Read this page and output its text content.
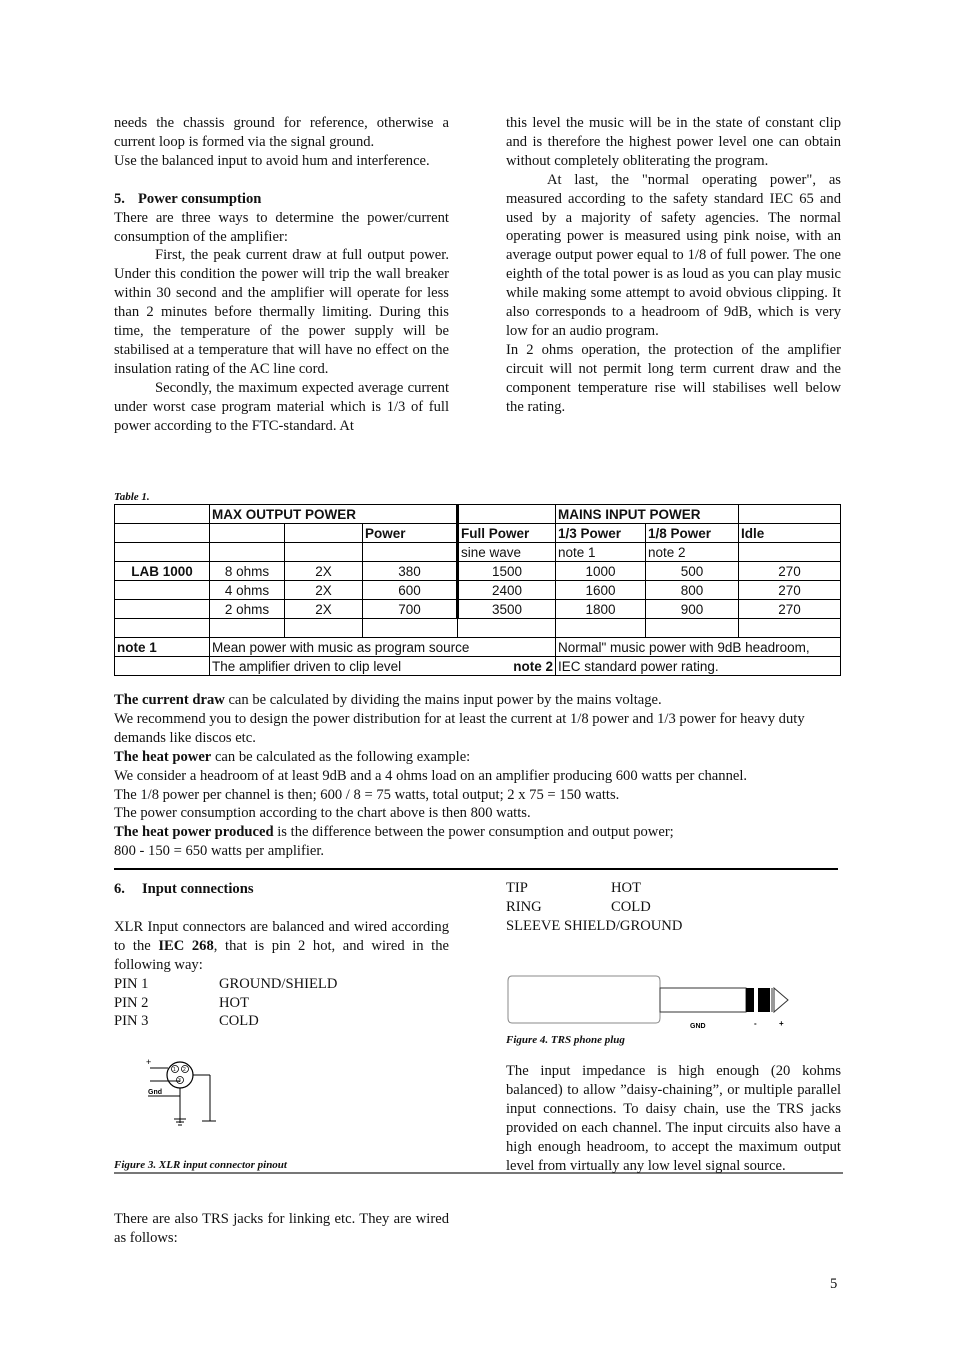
needs the chassis ground for reference, otherwise a current loop is formed via the signal ground.

Use the balanced input to avoid hum and interference.

5. Power consumption

There are three ways to determine the power/current consumption of the amplifier:

First, the peak current draw at full output power. Under this condition the power will trip the wall breaker within 30 second and the amplifier will operate for less than 2 minutes before thermally limiting. During this time, the temperature of the power supply will be stabilised at a temperature that will have no effect on the insulation rating of the AC line cord.

Secondly, the maximum expected average current under worst case program material which is 1/3 of full power according to the FTC-standard. At

this level the music will be in the state of constant clip and is therefore the highest power level one can obtain without completely obliterating the program.

At last, the "normal operating power", as measured according to the safety standard IEC 65 and used by a majority of safety agencies. The normal operating power is measured using pink noise, with an average output power equal to 1/8 of full power. The one eighth of the total power is as loud as you can play music while making some attempt to avoid obvious clipping. It also corresponds to a headroom of 9dB, which is very low for an audio program.

In 2 ohms operation, the protection of the amplifier circuit will not permit long term current draw and the component temperature rise will stabilises well below the rating.

Table 1.
	MAX OUTPUT POWER				MAINS INPUT POWER		
			Power	Full Power	1/3 Power	1/8 Power	Idle
				sine wave	note 1	note 2	
LAB 1000	8 ohms	2X	380	1500	1000	500	270
	4 ohms	2X	600	2400	1600	800	270
	2 ohms	2X	700	3500	1800	900	270

note 1	Mean power with music as program source				Normal" music power with 9dB headroom,		
	The amplifier driven to clip level			note 2	IEC standard power rating.		
The current draw can be calculated by dividing the mains input power by the mains voltage.
We recommend you to design the power distribution for at least the current at 1/8 power and 1/3 power for heavy duty demands like discos etc.
The heat power can be calculated as the following example:
We consider a headroom of at least 9dB and a 4 ohms load on an amplifier producing 600 watts per channel.
The 1/8 power per channel is then; 600 / 8 = 75 watts, total output; 2 x 75 = 150 watts.
The power consumption according to the chart above is then 800 watts.
The heat power produced is the difference between the power consumption and output power;
800 - 150 = 650 watts per amplifier.
6. Input connections

XLR Input connectors are balanced and wired according to the IEC 268, that is pin 2 hot, and wired in the following way:

PIN 1	GROUND/SHIELD
PIN 2	HOT
PIN 3	COLD
+
Gnd
1 2
3
Figure 3. XLR input connector pinout

There are also TRS jacks for linking etc. They are wired as follows:

TIP	HOT
RING	COLD
SLEEVE SHIELD/GROUND
GND	-	+
Figure 4. TRS phone plug

The input impedance is high enough (20 kohms balanced) to allow ”daisy-chaining”, or multiple parallel input connections. To daisy chain, use the TRS jacks provided on each channel. The input circuits also have a high enough headroom, to accept the maximum output level from virtually any low level signal source.

5
